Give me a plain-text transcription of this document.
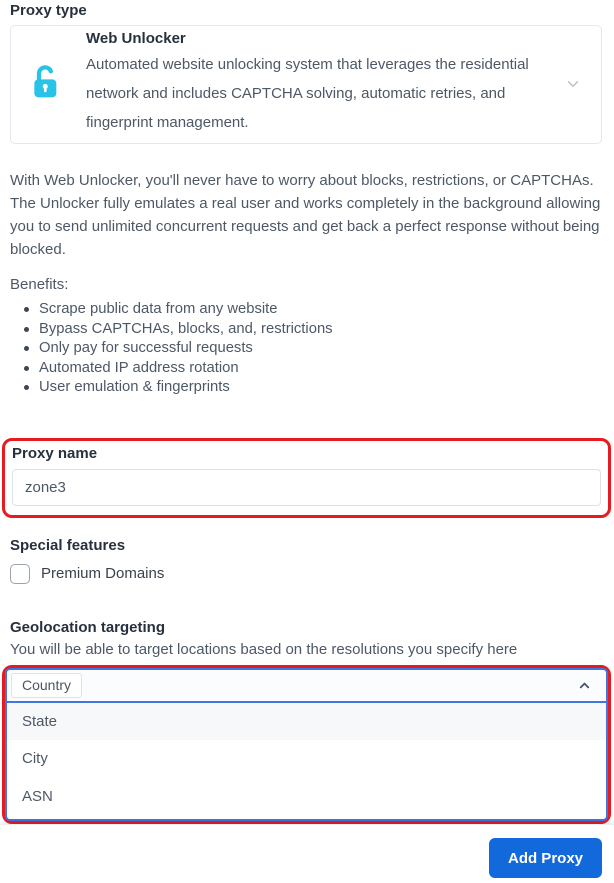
Proxy type
Web Unlocker
Automated website unlocking system that leverages the residential network and includes CAPTCHA solving, automatic retries, and fingerprint management.

With Web Unlocker, you'll never have to worry about blocks, restrictions, or CAPTCHAs. The Unlocker fully emulates a real user and works completely in the background allowing you to send unlimited concurrent requests and get back a perfect response without being blocked.

Benefits:
Scrape public data from any website
Bypass CAPTCHAs, blocks, and, restrictions
Only pay for successful requests
Automated IP address rotation
User emulation & fingerprints
Proxy name
zone3
Special features
Premium Domains
Geolocation targeting
You will be able to target locations based on the resolutions you specify here
Country
State
City
ASN
Add Proxy
